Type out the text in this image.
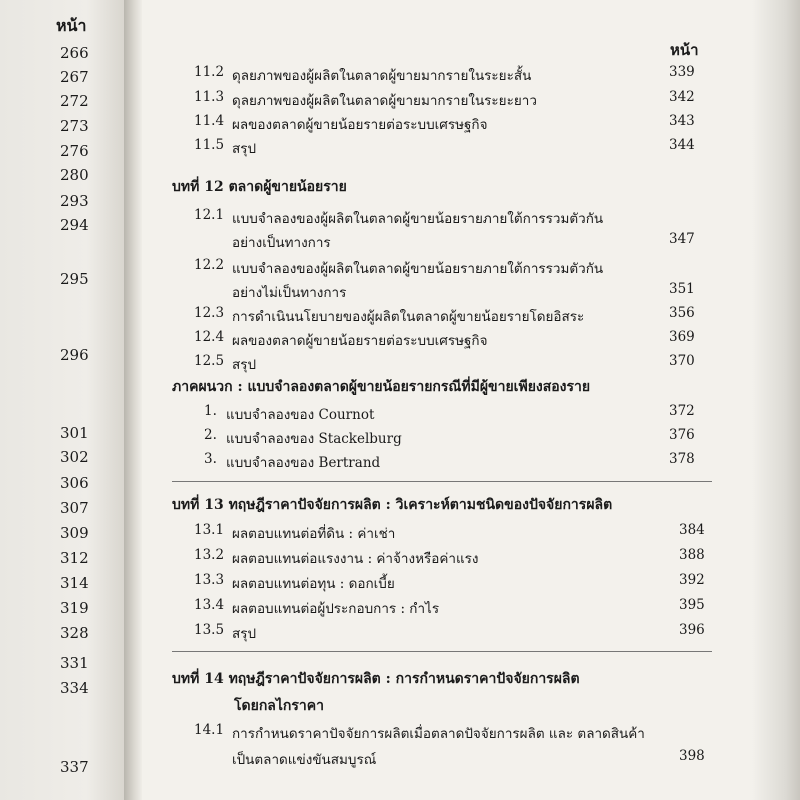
หน้า
266
267
272
273
276
280
293
294
295
296
301
302
306
307
309
312
314
319
328
331
334
337
หน้า
11.2 ดุลยภาพของผู้ผลิตในตลาดผู้ขายมากรายในระยะสั้น	339
11.3 ดุลยภาพของผู้ผลิตในตลาดผู้ขายมากรายในระยะยาว	342
11.4 ผลของตลาดผู้ขายน้อยรายต่อระบบเศรษฐกิจ	343
11.5 สรุป	344
บทที่ 12 ตลาดผู้ขายน้อยราย
12.1 แบบจำลองของผู้ผลิตในตลาดผู้ขายน้อยรายภายใต้การรวมตัวกัน
อย่างเป็นทางการ	347
12.2 แบบจำลองของผู้ผลิตในตลาดผู้ขายน้อยรายภายใต้การรวมตัวกัน
อย่างไม่เป็นทางการ	351
12.3 การดำเนินนโยบายของผู้ผลิตในตลาดผู้ขายน้อยรายโดยอิสระ	356
12.4 ผลของตลาดผู้ขายน้อยรายต่อระบบเศรษฐกิจ	369
12.5 สรุป	370
ภาคผนวก : แบบจำลองตลาดผู้ขายน้อยรายกรณีที่มีผู้ขายเพียงสองราย
1. แบบจำลองของ Cournot	372
2. แบบจำลองของ Stackelburg	376
3. แบบจำลองของ Bertrand	378
บทที่ 13 ทฤษฎีราคาปัจจัยการผลิต : วิเคราะห์ตามชนิดของปัจจัยการผลิต
13.1 ผลตอบแทนต่อที่ดิน : ค่าเช่า	384
13.2 ผลตอบแทนต่อแรงงาน : ค่าจ้างหรือค่าแรง	388
13.3 ผลตอบแทนต่อทุน : ดอกเบี้ย	392
13.4 ผลตอบแทนต่อผู้ประกอบการ : กำไร	395
13.5 สรุป	396
บทที่ 14 ทฤษฎีราคาปัจจัยการผลิต : การกำหนดราคาปัจจัยการผลิต
โดยกลไกราคา
14.1 การกำหนดราคาปัจจัยการผลิตเมื่อตลาดปัจจัยการผลิต และ ตลาดสินค้า
เป็นตลาดแข่งขันสมบูรณ์	398
